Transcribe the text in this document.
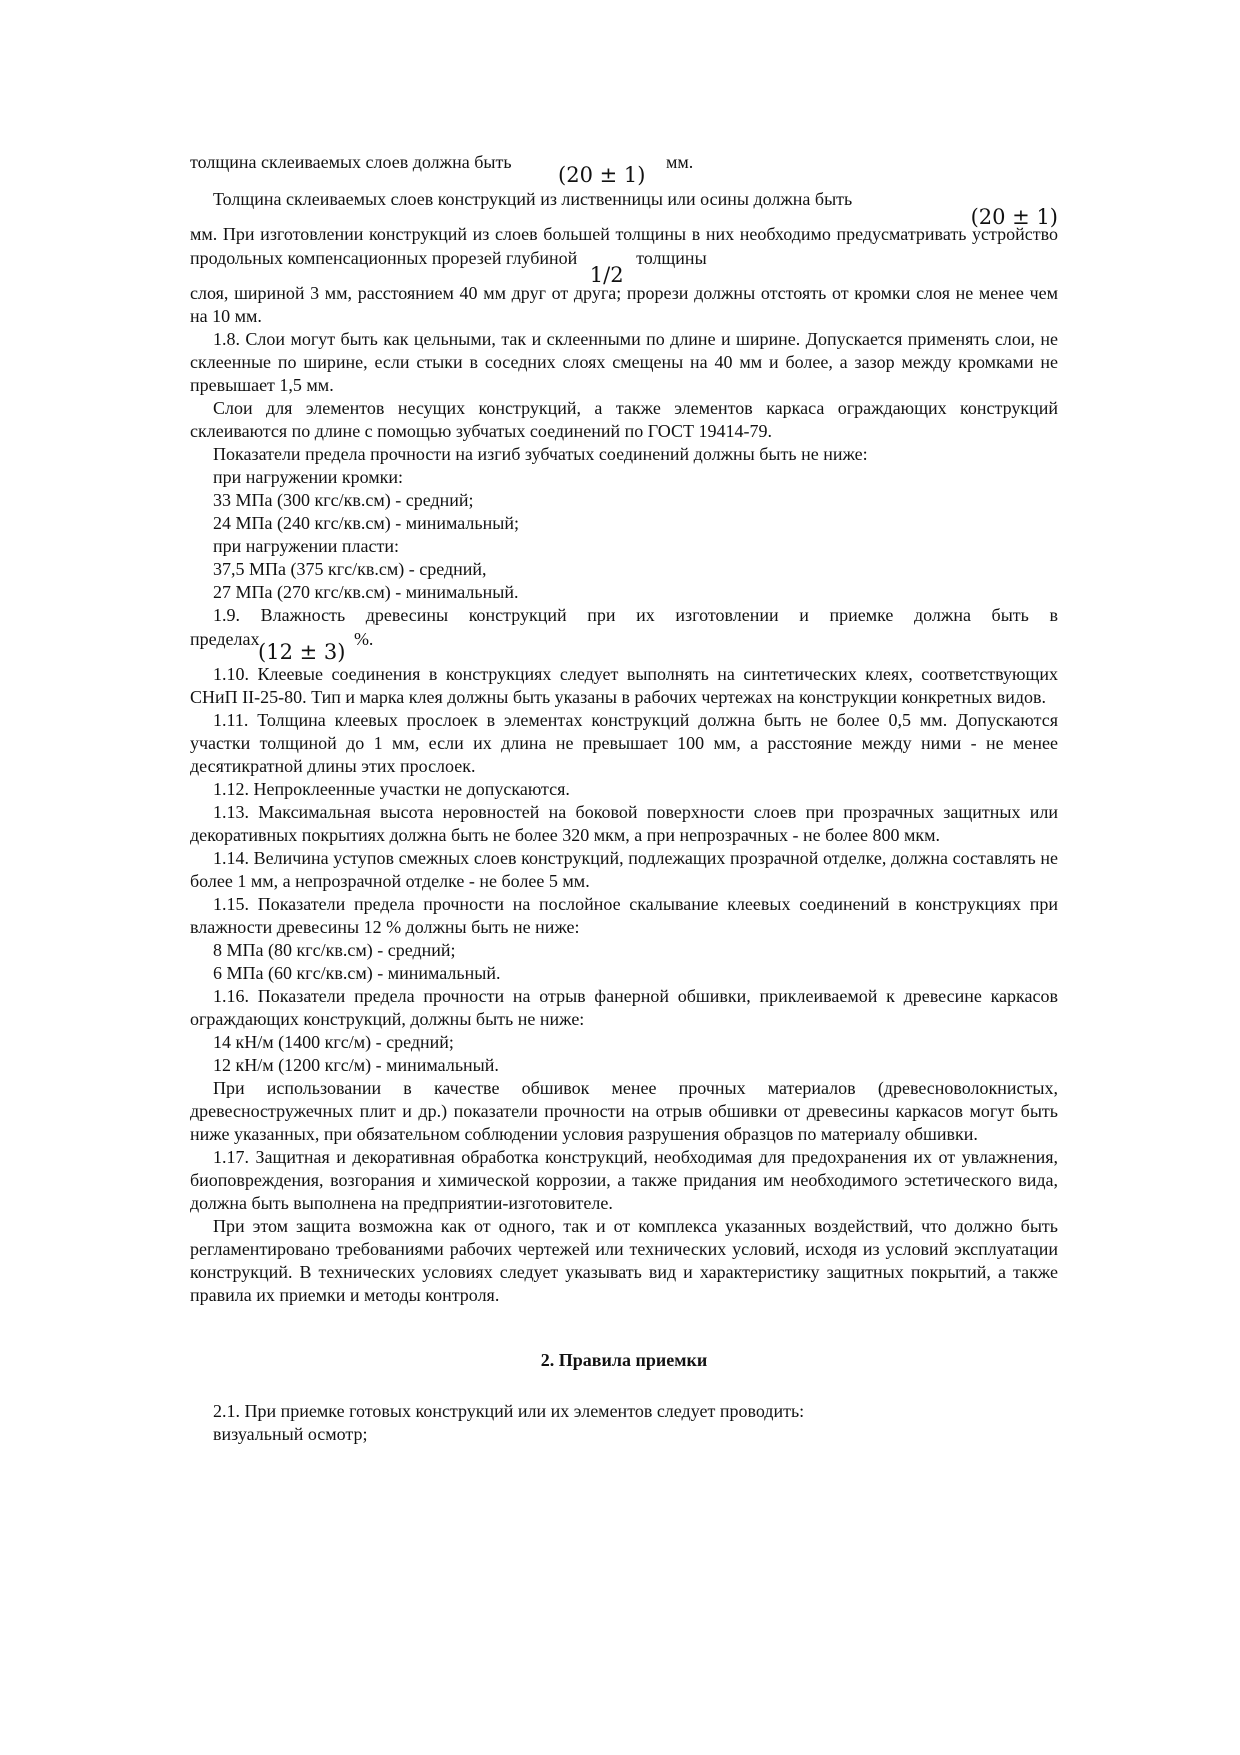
толщина склеиваемых слоев должна быть (20 ± 1) мм.
Толщина склеиваемых слоев конструкций из лиственницы или осины должна быть
(20 ± 1)
мм. При изготовлении конструкций из слоев большей толщины в них необходимо предусматривать устройство продольных компенсационных прорезей глубиной 1/2 толщины
слоя, шириной 3 мм, расстоянием 40 мм друг от друга; прорези должны отстоять от кромки слоя не менее чем на 10 мм.
1.8. Слои могут быть как цельными, так и склеенными по длине и ширине. Допускается применять слои, не склеенные по ширине, если стыки в соседних слоях смещены на 40 мм и более, а зазор между кромками не превышает 1,5 мм.
Слои для элементов несущих конструкций, а также элементов каркаса ограждающих конструкций склеиваются по длине с помощью зубчатых соединений по ГОСТ 19414-79.
Показатели предела прочности на изгиб зубчатых соединений должны быть не ниже:
при нагружении кромки:
33 МПа (300 кгс/кв.см) - средний;
24 МПа (240 кгс/кв.см) - минимальный;
при нагружении пласти:
37,5 МПа (375 кгс/кв.см) - средний,
27 МПа (270 кгс/кв.см) - минимальный.
1.9. Влажность древесины конструкций при их изготовлении и приемке должна быть в
пределах (12 ± 3) %.
1.10. Клеевые соединения в конструкциях следует выполнять на синтетических клеях, соответствующих СНиП II-25-80. Тип и марка клея должны быть указаны в рабочих чертежах на конструкции конкретных видов.
1.11. Толщина клеевых прослоек в элементах конструкций должна быть не более 0,5 мм. Допускаются участки толщиной до 1 мм, если их длина не превышает 100 мм, а расстояние между ними - не менее десятикратной длины этих прослоек.
1.12. Непроклеенные участки не допускаются.
1.13. Максимальная высота неровностей на боковой поверхности слоев при прозрачных защитных или декоративных покрытиях должна быть не более 320 мкм, а при непрозрачных - не более 800 мкм.
1.14. Величина уступов смежных слоев конструкций, подлежащих прозрачной отделке, должна составлять не более 1 мм, а непрозрачной отделке - не более 5 мм.
1.15. Показатели предела прочности на послойное скалывание клеевых соединений в конструкциях при влажности древесины 12 % должны быть не ниже:
8 МПа (80 кгс/кв.см) - средний;
6 МПа (60 кгс/кв.см) - минимальный.
1.16. Показатели предела прочности на отрыв фанерной обшивки, приклеиваемой к древесине каркасов ограждающих конструкций, должны быть не ниже:
14 кН/м (1400 кгс/м) - средний;
12 кН/м (1200 кгс/м) - минимальный.
При использовании в качестве обшивок менее прочных материалов (древесноволокнистых, древесностружечных плит и др.) показатели прочности на отрыв обшивки от древесины каркасов могут быть ниже указанных, при обязательном соблюдении условия разрушения образцов по материалу обшивки.
1.17. Защитная и декоративная обработка конструкций, необходимая для предохранения их от увлажнения, биоповреждения, возгорания и химической коррозии, а также придания им необходимого эстетического вида, должна быть выполнена на предприятии-изготовителе.
При этом защита возможна как от одного, так и от комплекса указанных воздействий, что должно быть регламентировано требованиями рабочих чертежей или технических условий, исходя из условий эксплуатации конструкций. В технических условиях следует указывать вид и характеристику защитных покрытий, а также правила их приемки и методы контроля.
2. Правила приемки
2.1. При приемке готовых конструкций или их элементов следует проводить:
визуальный осмотр;
